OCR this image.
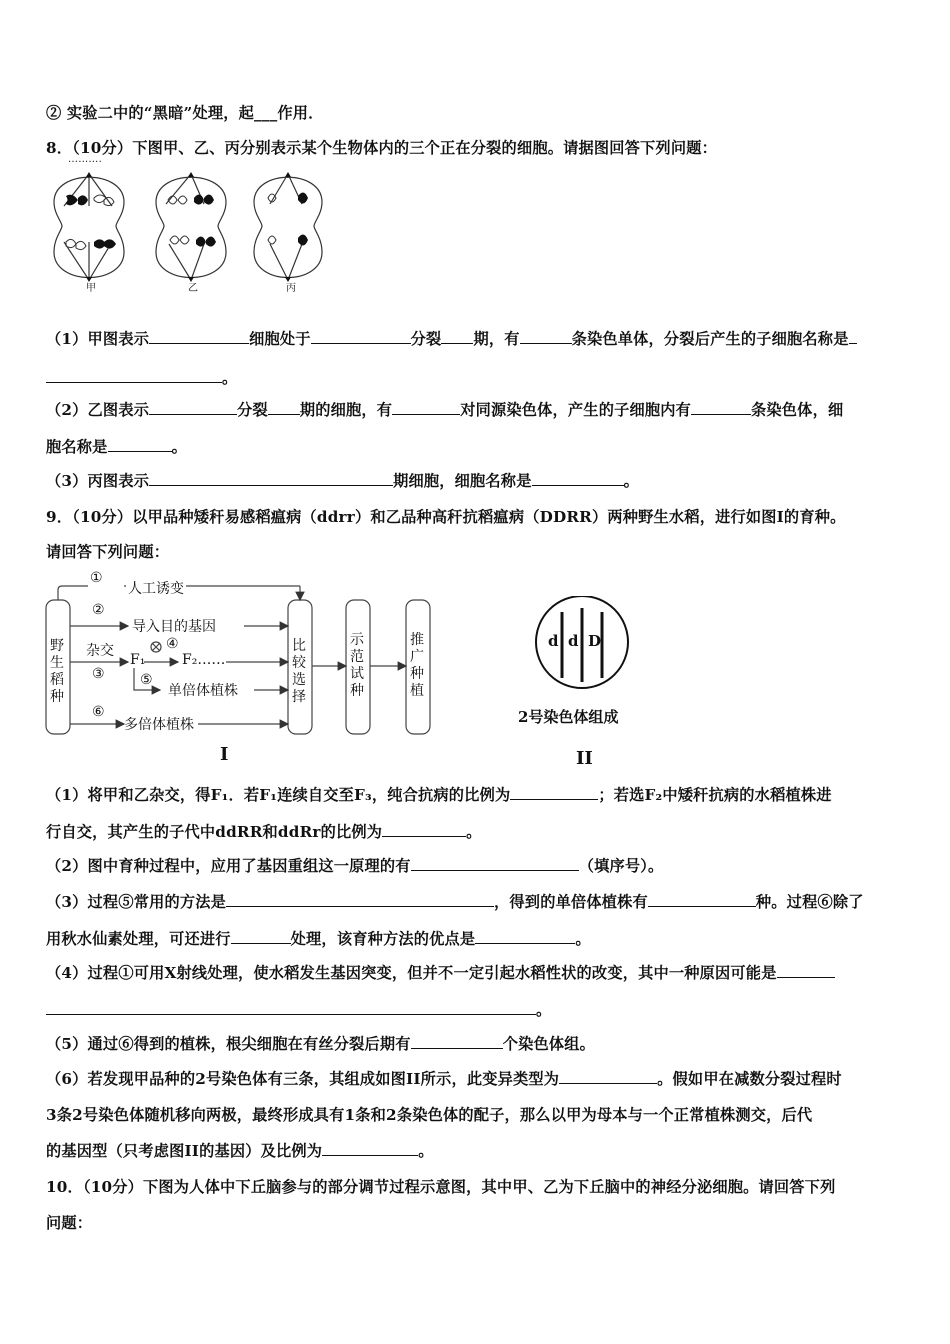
② 实验二中的“黑暗”处理，起___作用．
8．（10分）下图甲、乙、丙分别表示某个生物体内的三个正在分裂的细胞。请据图回答下列问题：
……….
甲	乙	丙
（1）甲图表示	细胞处于	分裂 期，有	条染色单体，分裂后产生的子细胞名称是
。
（2）乙图表示	分裂 期的细胞，有	对同源染色体，产生的子细胞内有	条染色体，细
胞名称是	。
（3）丙图表示	期细胞，细胞名称是	。
9．（10分）以甲品种矮秆易感稻瘟病（ddrr）和乙品种高秆抗稻瘟病（DDRR）两种野生水稻，进行如图I的育种。
请回答下列问题：
野生稻种
比较选择
示范试种
推广种植
①
人工诱变
②
导入目的基因
杂交
③
F₁
④
F₂……
⑤
单倍体植株
⑥
多倍体植株
I
d d D
2号染色体组成
II
（1）将甲和乙杂交，得F₁．若F₁连续自交至F₃，纯合抗病的比例为	；若选F₂中矮秆抗病的水稻植株进
行自交，其产生的子代中ddRR和ddRr的比例为	。
（2）图中育种过程中，应用了基因重组这一原理的有	（填序号）。
（3）过程⑤常用的方法是	，得到的单倍体植株有	种。过程⑥除了
用秋水仙素处理，可还进行	处理，该育种方法的优点是	。
（4）过程①可用X射线处理，使水稻发生基因突变，但并不一定引起水稻性状的改变，其中一种原因可能是
。
（5）通过⑥得到的植株，根尖细胞在有丝分裂后期有	个染色体组。
（6）若发现甲品种的2号染色体有三条，其组成如图II所示，此变异类型为	。假如甲在减数分裂过程时
3条2号染色体随机移向两极，最终形成具有1条和2条染色体的配子，那么以甲为母本与一个正常植株测交，后代
的基因型（只考虑图II的基因）及比例为	。
10．（10分）下图为人体中下丘脑参与的部分调节过程示意图，其中甲、乙为下丘脑中的神经分泌细胞。请回答下列
问题：
